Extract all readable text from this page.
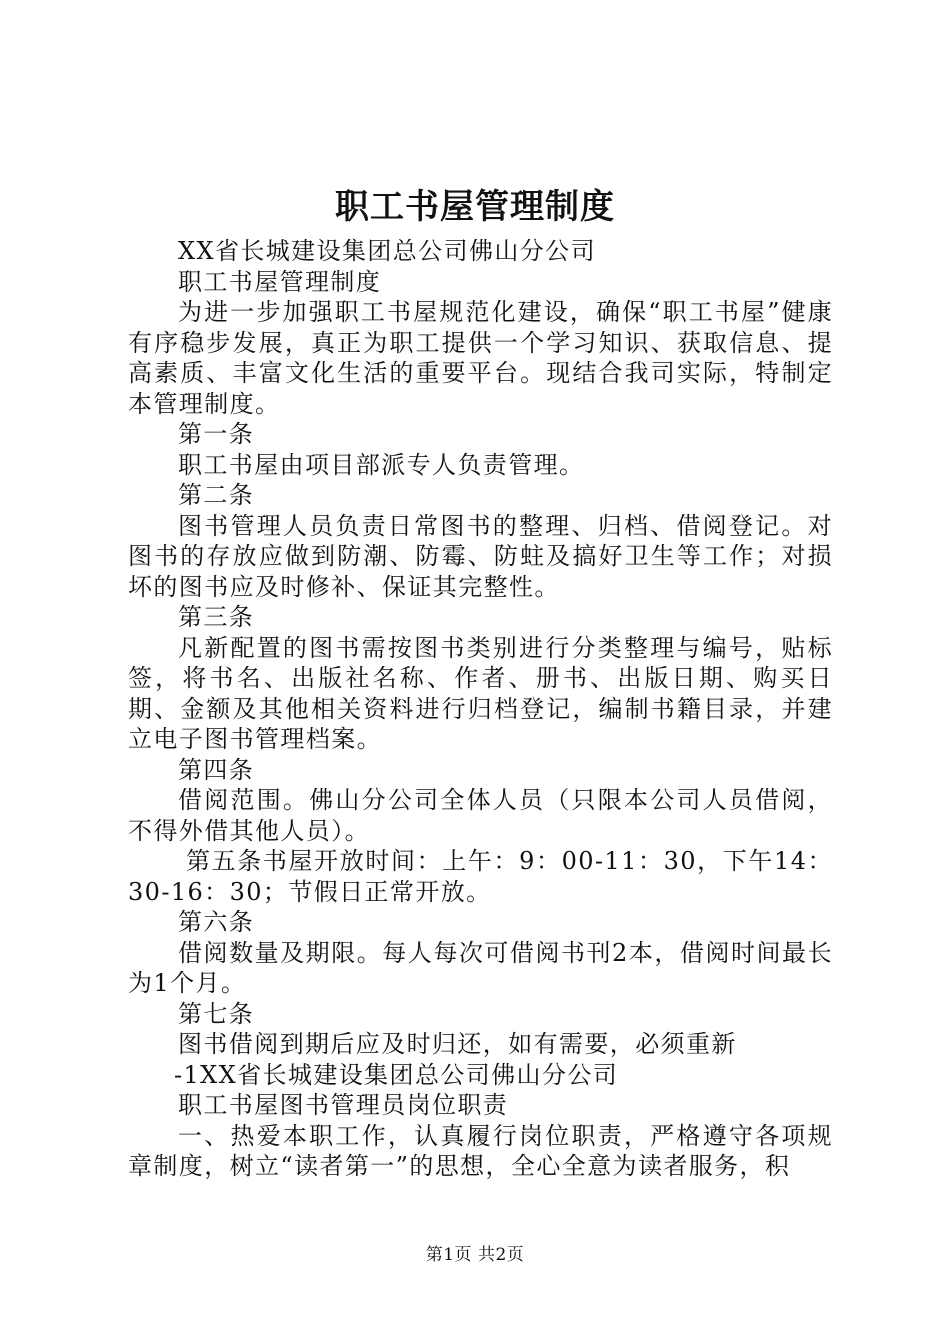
职工书屋管理制度

XX省长城建设集团总公司佛山分公司

职工书屋管理制度

为进一步加强职工书屋规范化建设，确保“职工书屋”健康有序稳步发展，真正为职工提供一个学习知识、获取信息、提高素质、丰富文化生活的重要平台。现结合我司实际，特制定本管理制度。

第一条

职工书屋由项目部派专人负责管理。

第二条

图书管理人员负责日常图书的整理、归档、借阅登记。对图书的存放应做到防潮、防霉、防蛀及搞好卫生等工作；对损坏的图书应及时修补、保证其完整性。

第三条

凡新配置的图书需按图书类别进行分类整理与编号，贴标签，将书名、出版社名称、作者、册书、出版日期、购买日期、金额及其他相关资料进行归档登记，编制书籍目录，并建立电子图书管理档案。

第四条

借阅范围。佛山分公司全体人员（只限本公司人员借阅，不得外借其他人员）。

第五条书屋开放时间：上午：9：00-11：30，下午14：30-16：30；节假日正常开放。

第六条

借阅数量及期限。每人每次可借阅书刊2本，借阅时间最长为1个月。

第七条

图书借阅到期后应及时归还，如有需要，必须重新

-1XX省长城建设集团总公司佛山分公司

职工书屋图书管理员岗位职责

一、热爱本职工作，认真履行岗位职责，严格遵守各项规章制度，树立“读者第一”的思想，全心全意为读者服务，积

第1页 共2页
